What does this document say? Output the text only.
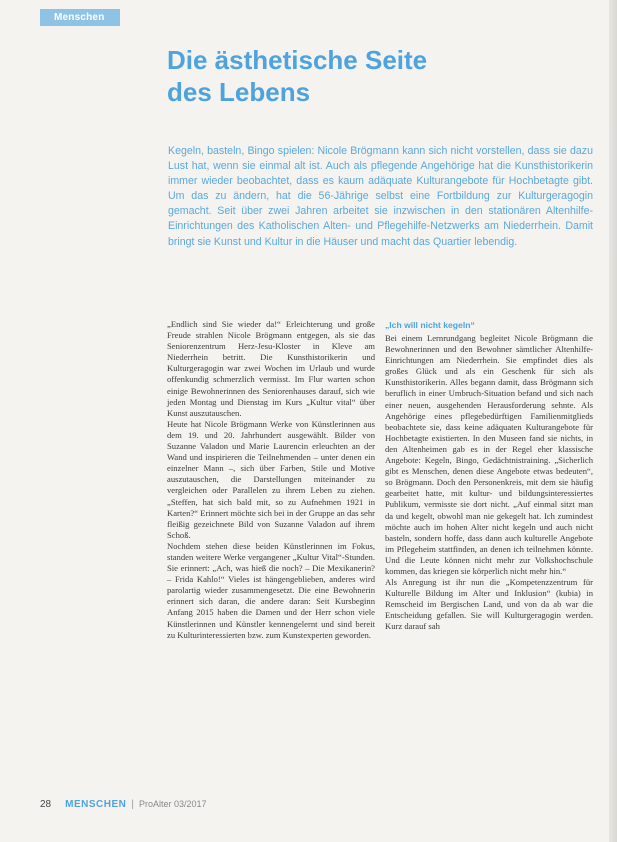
Menschen
Die ästhetische Seite
des Lebens

Kegeln, basteln, Bingo spielen: Nicole Brögmann kann sich nicht vorstellen, dass sie dazu Lust hat, wenn sie einmal alt ist. Auch als pflegende Angehörige hat die Kunsthistorikerin immer wieder beobachtet, dass es kaum adäquate Kulturangebote für Hochbetagte gibt. Um das zu ändern, hat die 56-Jährige selbst eine Fortbildung zur Kulturgeragogin gemacht. Seit über zwei Jahren arbeitet sie inzwischen in den stationären Altenhilfe-Einrichtungen des Katholischen Alten- und Pflegehilfe-Netzwerks am Niederrhein. Damit bringt sie Kunst und Kultur in die Häuser und macht das Quartier lebendig.

„Endlich sind Sie wieder da!“ Erleichterung und große Freude strahlen Nicole Brögmann entgegen, als sie das Seniorenzentrum Herz-Jesu-Kloster in Kleve am Niederrhein betritt. Die Kunsthistorikerin und Kulturgeragogin war zwei Wochen im Urlaub und wurde offenkundig schmerzlich vermisst. Im Flur warten schon einige Bewohnerinnen des Seniorenhauses darauf, sich wie jeden Montag und Dienstag im Kurs „Kultur vital“ über Kunst auszutauschen.
Heute hat Nicole Brögmann Werke von Künstlerinnen aus dem 19. und 20. Jahrhundert ausgewählt. Bilder von Suzanne Valadon und Marie Laurencin erleuchten an der Wand und inspirieren die Teilnehmenden – unter denen ein einzelner Mann –, sich über Farben, Stile und Motive auszutauschen, die Darstellungen miteinander zu vergleichen oder Parallelen zu ihrem Leben zu ziehen. „Steffen, hat sich bald mit, so zu Aufnehmen 1921 in Karten?“ Erinnert möchte sich bei in der Gruppe an das sehr fleißig gezeichnete Bild von Suzanne Valadon auf ihrem Schoß.
Nochdem stehen diese beiden Künstlerinnen im Fokus, standen weitere Werke vergangener „Kultur Vital“-Stunden. Sie erinnert: „Ach, was hieß die noch? – Die Mexikanerin? – Frida Kahlo!“ Vieles ist hängengeblieben, anderes wird parolartig wieder zusammengesetzt. Die eine Bewohnerin erinnert sich daran, die andere daran: Seit Kursbeginn Anfang 2015 haben die Damen und der Herr schon viele Künstlerinnen und Künstler kennengelernt und sind bereit zu Kulturinteressierten bzw. zum Kunstexperten geworden.

„Ich will nicht kegeln“

Bei einem Lernrundgang begleitet Nicole Brögmann die Bewohnerinnen und den Bewohner sämtlicher Altenhilfe-Einrichtungen am Niederrhein. Sie empfindet dies als großes Glück und als ein Geschenk für sich als Kunsthistorikerin. Alles begann damit, dass Brögmann sich beruflich in einer Umbruch-Situation befand und sich nach einer neuen, ausgehenden Herausforderung sehnte. Als Angehörige eines pflegebedürftigen Familienmitglieds beobachtete sie, dass keine adäquaten Kulturangebote für Hochbetagte existierten. In den Museen fand sie nichts, in den Altenheimen gab es in der Regel eher klassische Angebote: Kegeln, Bingo, Gedächtnistraining. „Sicherlich gibt es Menschen, denen diese Angebote etwas bedeuten“, so Brögmann. Doch den Personenkreis, mit dem sie häufig gearbeitet hatte, mit kultur- und bildungsinteressiertes Publikum, vermisste sie dort nicht. „Auf einmal sitzt man da und kegelt, obwohl man nie gekegelt hat. Ich zumindest möchte auch im hohen Alter nicht kegeln und auch nicht basteln, sondern hoffe, dass dann auch kulturelle Angebote im Pflegeheim stattfinden, an denen ich teilnehmen könnte. Und die Leute können nicht mehr zur Volkshochschule kommen, das kriegen sie körperlich nicht mehr hin.“
Als Anregung ist ihr nun die „Kompetenzzentrum für Kulturelle Bildung im Alter und Inklusion“ (kubia) in Remscheid im Bergischen Land, und von da ab war die Entscheidung gefallen. Sie will Kulturgeragogin werden. Kurz darauf sah

28 MENSCHEN | ProAlter 03/2017
